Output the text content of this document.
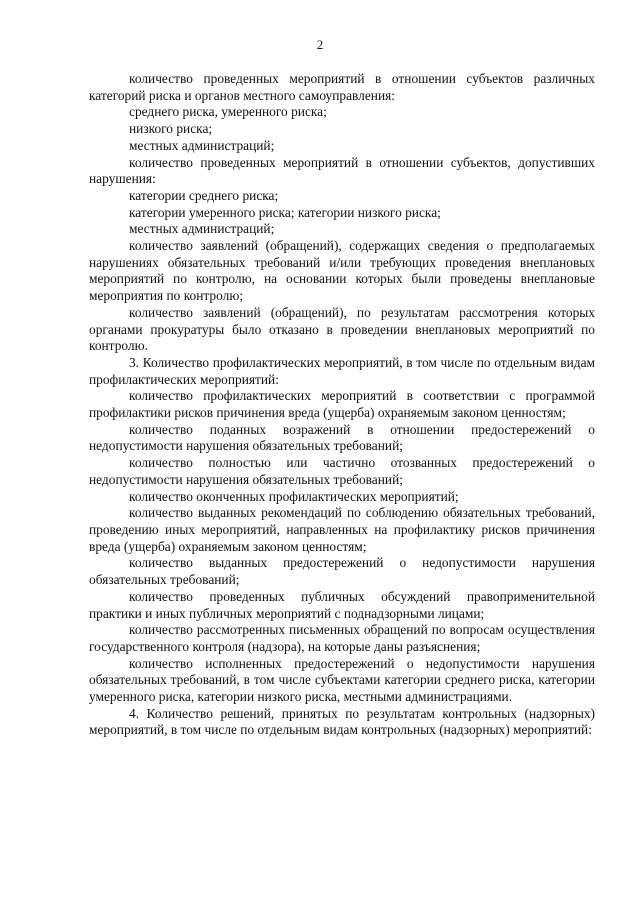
2

количество проведенных мероприятий в отношении субъектов различных категорий риска и органов местного самоуправления:

среднего риска, умеренного риска;

низкого риска;

местных администраций;

количество проведенных мероприятий в отношении субъектов, допустивших нарушения:

категории среднего риска;

категории умеренного риска; категории низкого риска;

местных администраций;

количество заявлений (обращений), содержащих сведения о предполагаемых нарушениях обязательных требований и/или требующих проведения внеплановых мероприятий по контролю, на основании которых были проведены внеплановые мероприятия по контролю;

количество заявлений (обращений), по результатам рассмотрения которых органами прокуратуры было отказано в проведении внеплановых мероприятий по контролю.

3. Количество профилактических мероприятий, в том числе по отдельным видам профилактических мероприятий:

количество профилактических мероприятий в соответствии с программой профилактики рисков причинения вреда (ущерба) охраняемым законом ценностям;

количество поданных возражений в отношении предостережений о недопустимости нарушения обязательных требований;

количество полностью или частично отозванных предостережений о недопустимости нарушения обязательных требований;

количество оконченных профилактических мероприятий;

количество выданных рекомендаций по соблюдению обязательных требований, проведению иных мероприятий, направленных на профилактику рисков причинения вреда (ущерба) охраняемым законом ценностям;

количество выданных предостережений о недопустимости нарушения обязательных требований;

количество проведенных публичных обсуждений правоприменительной практики и иных публичных мероприятий с поднадзорными лицами;

количество рассмотренных письменных обращений по вопросам осуществления государственного контроля (надзора), на которые даны разъяснения;

количество исполненных предостережений о недопустимости нарушения обязательных требований, в том числе субъектами категории среднего риска, категории умеренного риска, категории низкого риска, местными администрациями.

4. Количество решений, принятых по результатам контрольных (надзорных) мероприятий, в том числе по отдельным видам контрольных (надзорных) мероприятий:
